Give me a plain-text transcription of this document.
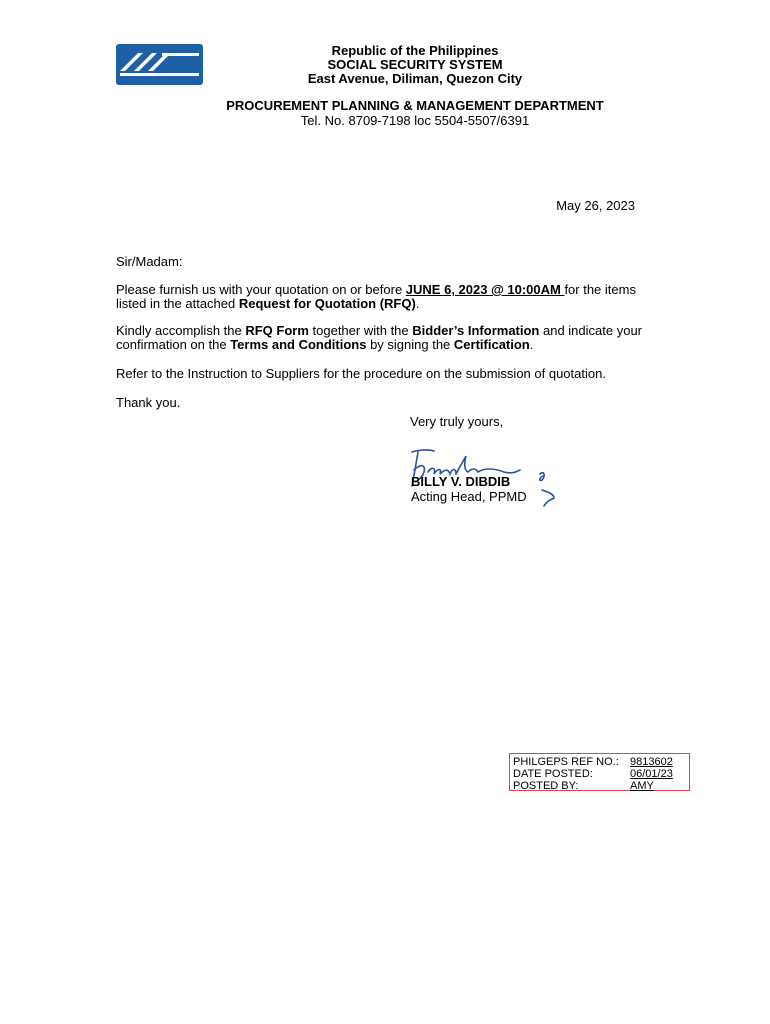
Republic of the Philippines
SOCIAL SECURITY SYSTEM
East Avenue, Diliman, Quezon City
PROCUREMENT PLANNING & MANAGEMENT DEPARTMENT
Tel. No. 8709-7198 loc 5504-5507/6391
May 26, 2023
Sir/Madam:
Please furnish us with your quotation on or before JUNE 6, 2023 @ 10:00AM for the items listed in the attached Request for Quotation (RFQ).
Kindly accomplish the RFQ Form together with the Bidder’s Information and indicate your confirmation on the Terms and Conditions by signing the Certification.
Refer to the Instruction to Suppliers for the procedure on the submission of quotation.
Thank you.
Very truly yours,
BILLY V. DIBDIB
Acting Head, PPMD
PHILGEPS REF NO.:	9813602
DATE POSTED:	06/01/23
POSTED BY:	AMY
